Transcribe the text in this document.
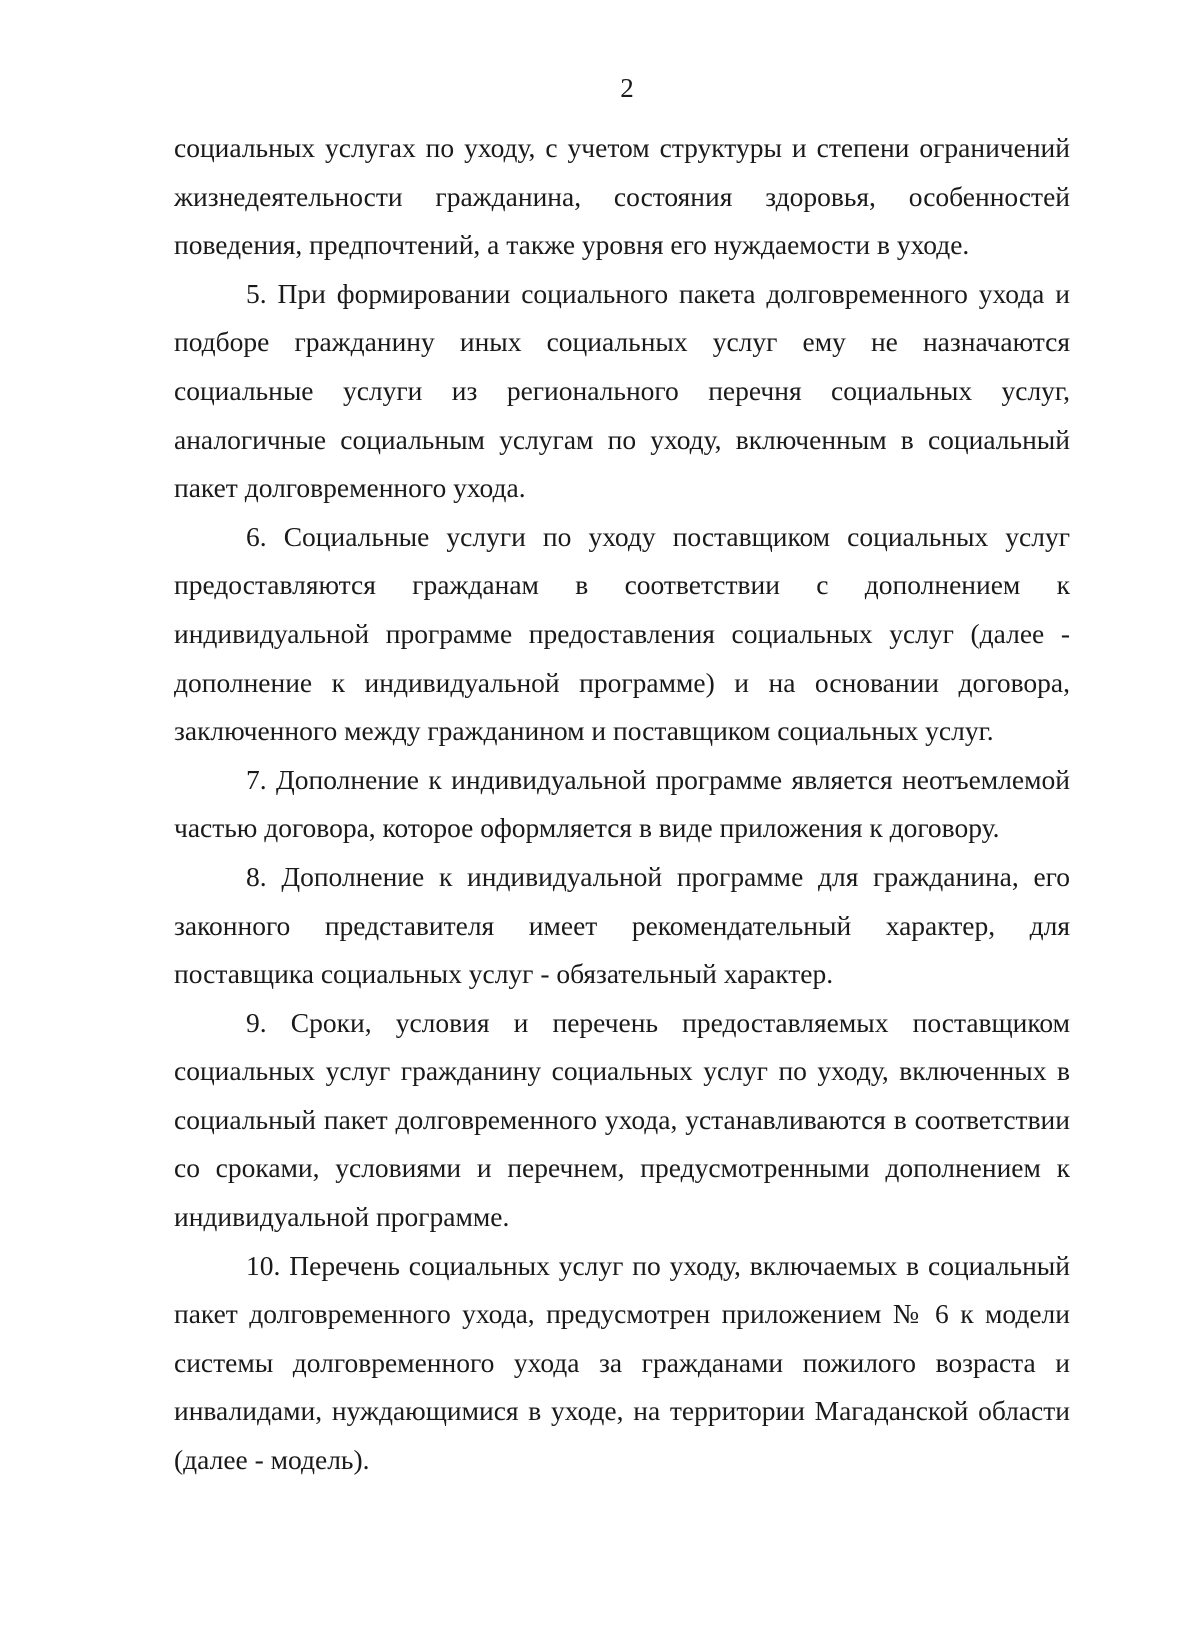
2

социальных услугах по уходу, с учетом структуры и степени ограничений жизнедеятельности гражданина, состояния здоровья, особенностей поведения, предпочтений, а также уровня его нуждаемости в уходе.

5. При формировании социального пакета долговременного ухода и подборе гражданину иных социальных услуг ему не назначаются социальные услуги из регионального перечня социальных услуг, аналогичные социальным услугам по уходу, включенным в социальный пакет долговременного ухода.

6. Социальные услуги по уходу поставщиком социальных услуг предоставляются гражданам в соответствии с дополнением к индивидуальной программе предоставления социальных услуг (далее - дополнение к индивидуальной программе) и на основании договора, заключенного между гражданином и поставщиком социальных услуг.

7. Дополнение к индивидуальной программе является неотъемлемой частью договора, которое оформляется в виде приложения к договору.

8. Дополнение к индивидуальной программе для гражданина, его законного представителя имеет рекомендательный характер, для поставщика социальных услуг - обязательный характер.

9. Сроки, условия и перечень предоставляемых поставщиком социальных услуг гражданину социальных услуг по уходу, включенных в социальный пакет долговременного ухода, устанавливаются в соответствии со сроками, условиями и перечнем, предусмотренными дополнением к индивидуальной программе.

10. Перечень социальных услуг по уходу, включаемых в социальный пакет долговременного ухода, предусмотрен приложением № 6 к модели системы долговременного ухода за гражданами пожилого возраста и инвалидами, нуждающимися в уходе, на территории Магаданской области (далее - модель).
